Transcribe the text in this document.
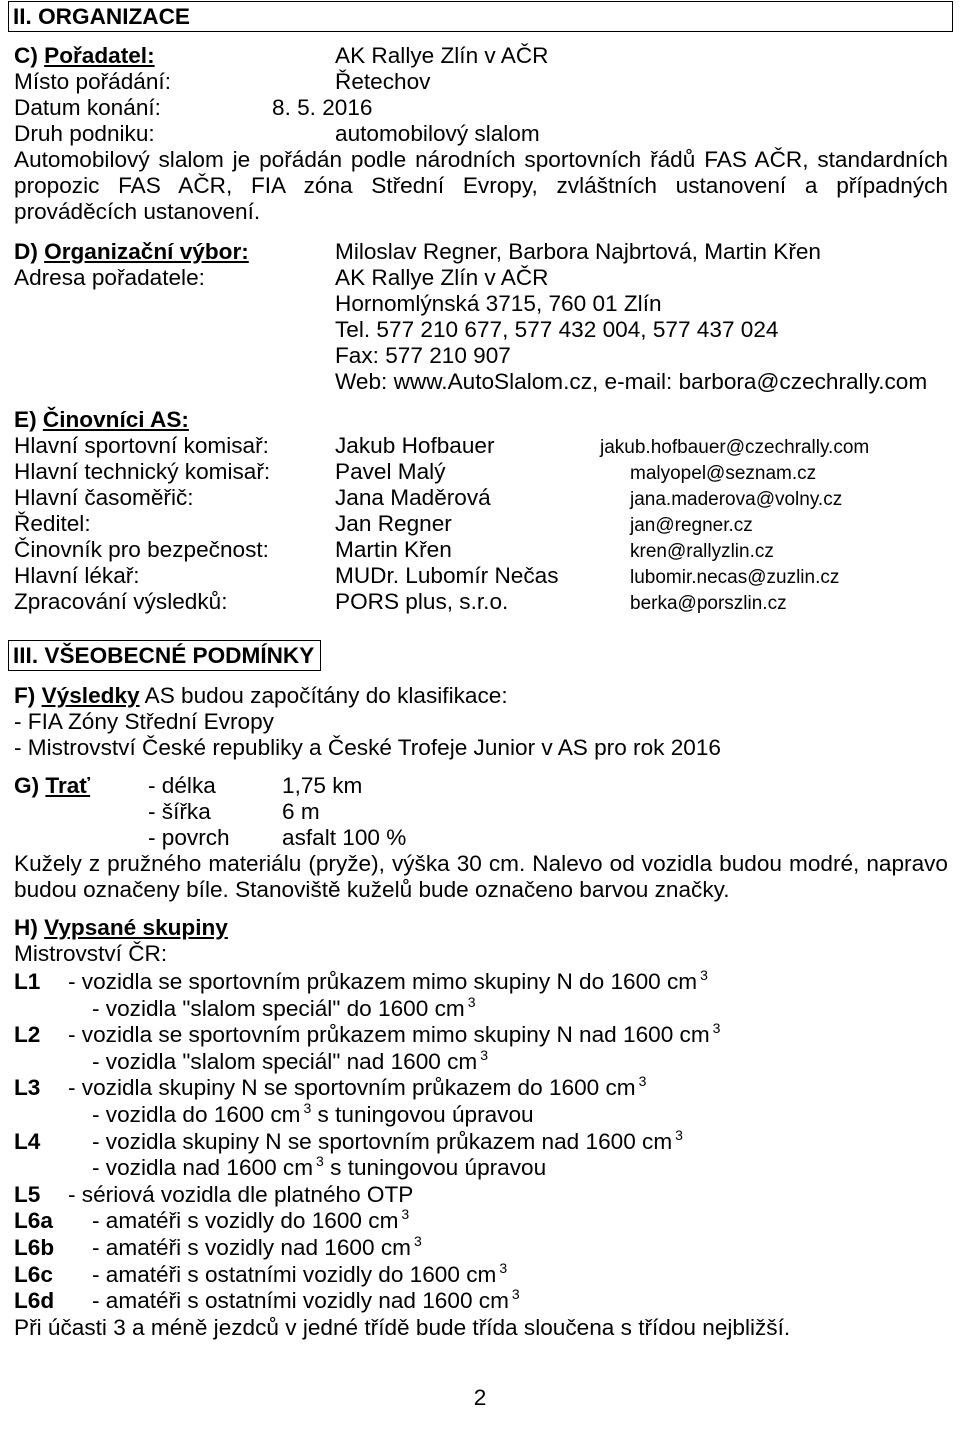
II. ORGANIZACE
C) Pořadatel:	AK Rallye Zlín v AČR
Místo pořádání:	Řetechov
Datum konání:	8. 5. 2016
Druh podniku:	automobilový slalom
Automobilový slalom je pořádán podle národních sportovních řádů FAS AČR, standardních propozic FAS AČR, FIA zóna Střední Evropy, zvláštních ustanovení a případných prováděcích ustanovení.
D) Organizační výbor:	Miloslav Regner, Barbora Najbrtová, Martin Křen
Adresa pořadatele:	AK Rallye Zlín v AČR
Hornomlýnská 3715, 760 01 Zlín
Tel. 577 210 677, 577 432 004, 577 437 024
Fax: 577 210 907
Web: www.AutoSlalom.cz, e-mail: barbora@czechrally.com
E) Činovníci AS:
Hlavní sportovní komisař:	Jakub Hofbauer	jakub.hofbauer@czechrally.com
Hlavní technický komisař:	Pavel Malý	malyopel@seznam.cz
Hlavní časoměřič:	Jana Maděrová	jana.maderova@volny.cz
Ředitel:	Jan Regner	jan@regner.cz
Činovník pro bezpečnost:	Martin Křen	kren@rallyzlin.cz
Hlavní lékař:	MUDr. Lubomír Nečas	lubomir.necas@zuzlin.cz
Zpracování výsledků:	PORS plus, s.r.o.	berka@porszlin.cz
III. VŠEOBECNÉ PODMÍNKY
F) Výsledky AS budou započítány do klasifikace:
- FIA Zóny Střední Evropy
- Mistrovství České republiky a České Trofeje Junior v AS pro rok 2016
G) Trať	- délka	1,75 km
- šířka	6 m
- povrch asfalt 100 %
Kužely z pružného materiálu (pryže), výška 30 cm. Nalevo od vozidla budou modré, napravo budou označeny bíle. Stanoviště kuželů bude označeno barvou značky.
H) Vypsané skupiny
Mistrovství ČR:
L1 - vozidla se sportovním průkazem mimo skupiny N do 1600 cm $^3$
- vozidla "slalom speciál" do 1600 cm $^3$
L2 - vozidla se sportovním průkazem mimo skupiny N nad 1600 cm $^3$
- vozidla "slalom speciál" nad 1600 cm $^3$
L3 - vozidla skupiny N se sportovním průkazem do 1600 cm $^3$
- vozidla do 1600 cm $^3$ s tuningovou úpravou
L4 - vozidla skupiny N se sportovním průkazem nad 1600 cm $^3$
- vozidla nad 1600 cm $^3$ s tuningovou úpravou
L5 - sériová vozidla dle platného OTP
L6a - amatéři s vozidly do 1600 cm $^3$
L6b - amatéři s vozidly nad 1600 cm $^3$
L6c - amatéři s ostatními vozidly do 1600 cm $^3$
L6d - amatéři s ostatními vozidly nad 1600 cm $^3$
Při účasti 3 a méně jezdců v jedné třídě bude třída sloučena s třídou nejbližší.
2
